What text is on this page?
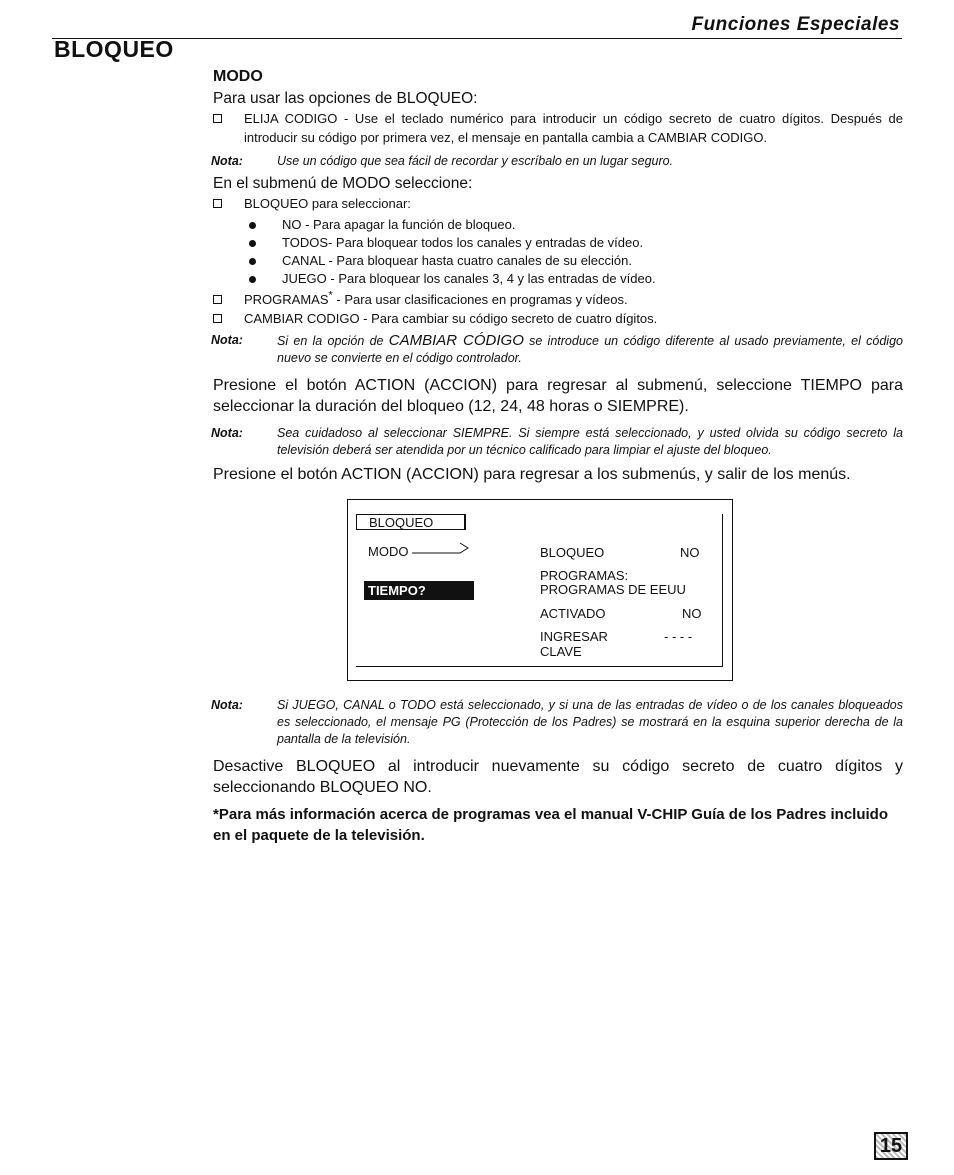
Funciones Especiales
BLOQUEO
MODO

Para usar las opciones de BLOQUEO:

ELIJA CODIGO - Use el teclado numérico para introducir un código secreto de cuatro dígitos. Después de introducir su código por primera vez, el mensaje en pantalla cambia a CAMBIAR CODIGO.
Nota:	Use un código que sea fácil de recordar y escríbalo en un lugar seguro.

En el submenú de MODO seleccione:

BLOQUEO para seleccionar:
NO - Para apagar la función de bloqueo.
TODOS- Para bloquear todos los canales y entradas de vídeo.
CANAL - Para bloquear hasta cuatro canales de su elección.
JUEGO - Para bloquear los canales 3, 4 y las entradas de vídeo.
PROGRAMAS* - Para usar clasificaciones en programas y vídeos.
CAMBIAR CODIGO - Para cambiar su código secreto de cuatro dígitos.
Nota:	Si en la opción de CAMBIAR CÓDIGO se introduce un código diferente al usado previamente, el código nuevo se convierte en el código controlador.

Presione el botón ACTION (ACCION) para regresar al submenú, seleccione TIEMPO para seleccionar la duración del bloqueo (12, 24, 48 horas o SIEMPRE).

Nota:	Sea cuidadoso al seleccionar SIEMPRE. Si siempre está seleccionado, y usted olvida su código secreto la televisión deberá ser atendida por un técnico calificado para limpiar el ajuste del bloqueo.

Presione el botón ACTION (ACCION) para regresar a los submenús, y salir de los menús.

BLOQUEO
MODO
TIEMPO?
BLOQUEO	NO
PROGRAMAS:
PROGRAMAS DE EEUU
ACTIVADO	NO
INGRESAR
CLAVE
- - - -
Nota:	Si JUEGO, CANAL o TODO está seleccionado, y si una de las entradas de vídeo o de los canales bloqueados es seleccionado, el mensaje PG (Protección de los Padres) se mostrará en la esquina superior derecha de la pantalla de la televisión.

Desactive BLOQUEO al introducir nuevamente su código secreto de cuatro dígitos y seleccionando BLOQUEO NO.

*Para más información acerca de programas vea el manual V-CHIP Guía de los Padres incluido en el paquete de la televisión.

15
